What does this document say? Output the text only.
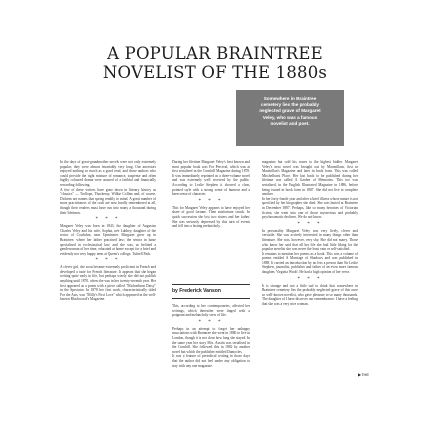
A POPULAR BRAINTREE
NOVELIST OF THE 1880s
Somewhere in Braintree cemetery lies the probably neglected grave of Margaret Veley, who was a famous novelist and poet.

In the days of great-grandmother novels were not only extremely popular; they were almost invariably very long. Our ancestors enjoyed nothing so much as a good read, and those authors who could provide the right mixture of romance, suspense and often highly coloured drama were assured of a faithful and financially rewarding following.

A few of these writers have gone down in literary history as "classics" — Trollope, Thackeray, Wilkie Collins and, of course, Dickens are names that spring readily to mind. A great number of more practitioners of the craft are now hardly remembered at all, though their readers must have run into many a thousand during their lifetimes.

* * *

Margaret Veley was born in 1843, the daughter of Augustus Charles Veley and his wife, Sophia, née Lubbey, daughter of the rector of Coulsdon, near Upminster. Margaret grew up in Braintree, where her father practised law; the senior in haste specialised in ecclesiastical law, and she was, as befitted a gentlewoman of her time, educated at home except for a brief and evidently not very happy term at Queen's college, Tufnell Park.

* * *

A clever girl, she soon became extremely proficient in French and developed a taste for French literature. It appears that she began writing quite early in life, but perhaps wisely she did not publish anything until 1870, when she was in her twenty-seventh year. Her first appeared as a poem with a piece called "Michaelmas Daisy" in the Spectator. In 1878 her first work, characteristically titled For the Asts, was "Milly's First Love" which appeared in the well-known Blackwood's Magazine.

During her lifetime Margaret Veley's best known and most popular book was For Percival, which was at first serialised in the Cornhill Magazine during 1878. It was immediately reprinted as a three-volume novel and was extremely well received by the public. According to Leslie Stephen it showed a clear, pointed style with a strong sense of humour and a keen sense of character.

* * *

This for Margaret Veley appears to have enjoyed her share of good fortune. Then misfortune struck. In quick succession she lost two sisters and her father. She was seriously depressed by this turn of events and fell into a lasting melancholy.

by Frederick Vanson

This, according to her contemporaries, affected her writings, which thereafter were tinged with a poignant and melancholy view of life.

* * *

Perhaps in an attempt to forget her unhappy associations with Braintree she went in 1880 to live in London, though it is not clear how long she stayed. In the same year her story Mrs. Austin was serialised in the Cornhill. She followed this in 1882 by another novel but which the publisher entitled Damocles.

It was a feature of periodical writing in those days that the author did not feel under any obligation to stay with any one magazine.

magazine but sold his wares to the highest bidder. Margaret Veley's next novel was brought out by Macmillans, first in Macmillan's Magazine and later in book form. This was called Mitchelhurst Place. Her last book to be published during her lifetime was called A Garden of Memories. This too was serialised, in the English Illustrated Magazine in 1886, before being issued in book form in 1887. She did not live to complete another.

In her forty-fourth year and after a brief illness whose nature is not specified by her biographer she died. She was buried at Braintree in December 1887. Perhaps, like so many heroines of Victorian fiction, she went into one of those mysterious and probably psychosomatic declines. We do not know.

* * *

In personality Margaret Veley was very lively, clever and versatile. She was actively interested in many things other than literature. She was, however, very shy. She did not marry. Those who knew her said that all her life she had little liking for the popular novelist she was never the least vain or self-satisfied.

It remains to mention her poems as a book. This was a volume of poems entitled A Marriage of Shadows and was published in 1888. It carried an introduction by no less a person than Sir Leslie Stephen, journalist, publisher and father of an even more famous daughter, Virginia Woolf. He had a high opinion of her verse.

* * *

It is strange and not a little sad to think that somewhere in Braintree cemetery lies the probably neglected grave of this once so well-known novelist, who gave pleasure to so many thousands. The daughter of I have discover our remembrance. I have a feeling that she was a very nice woman.

▶THE
